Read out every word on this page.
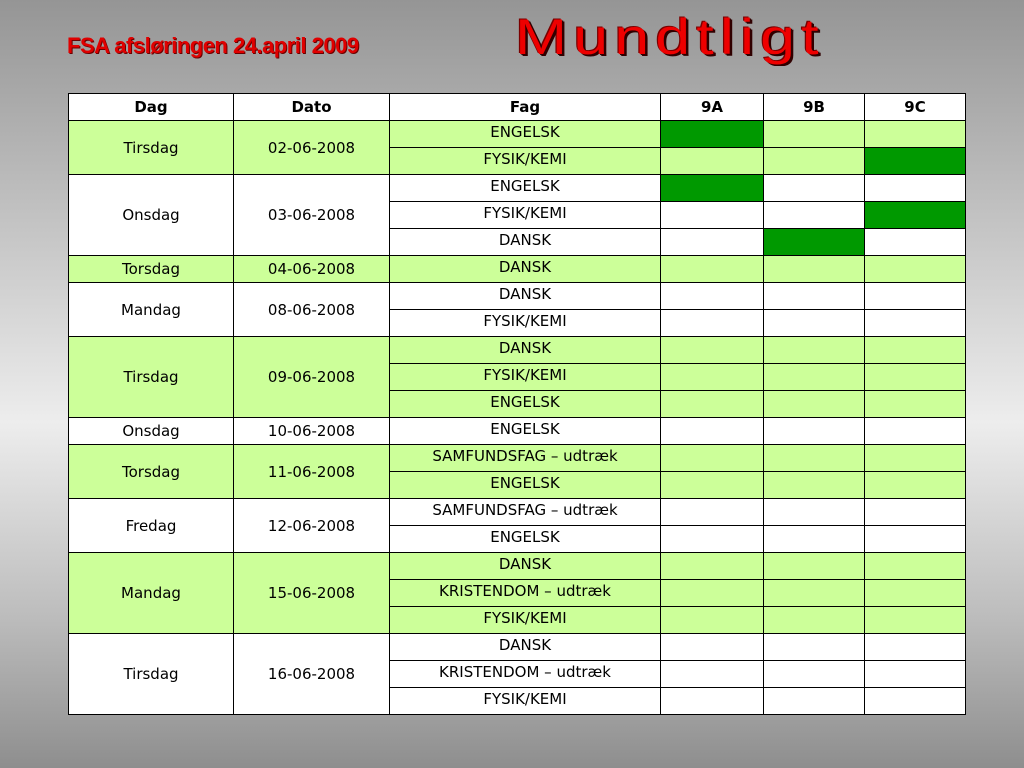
FSA afsløringen 24.april 2009	Mundtligt
Dag	Dato	Fag	9A	9B	9C
Tirsdag	02-06-2008	ENGELSK			
		FYSIK/KEMI			
Onsdag	03-06-2008	ENGELSK			
		FYSIK/KEMI			
		DANSK			
Torsdag	04-06-2008	DANSK			
Mandag	08-06-2008	DANSK			
		FYSIK/KEMI			
Tirsdag	09-06-2008	DANSK			
		FYSIK/KEMI			
		ENGELSK			
Onsdag	10-06-2008	ENGELSK			
Torsdag	11-06-2008	SAMFUNDSFAG – udtræk			
		ENGELSK			
Fredag	12-06-2008	SAMFUNDSFAG – udtræk			
		ENGELSK			
Mandag	15-06-2008	DANSK			
		KRISTENDOM – udtræk			
		FYSIK/KEMI			
Tirsdag	16-06-2008	DANSK			
		KRISTENDOM – udtræk			
		FYSIK/KEMI			
